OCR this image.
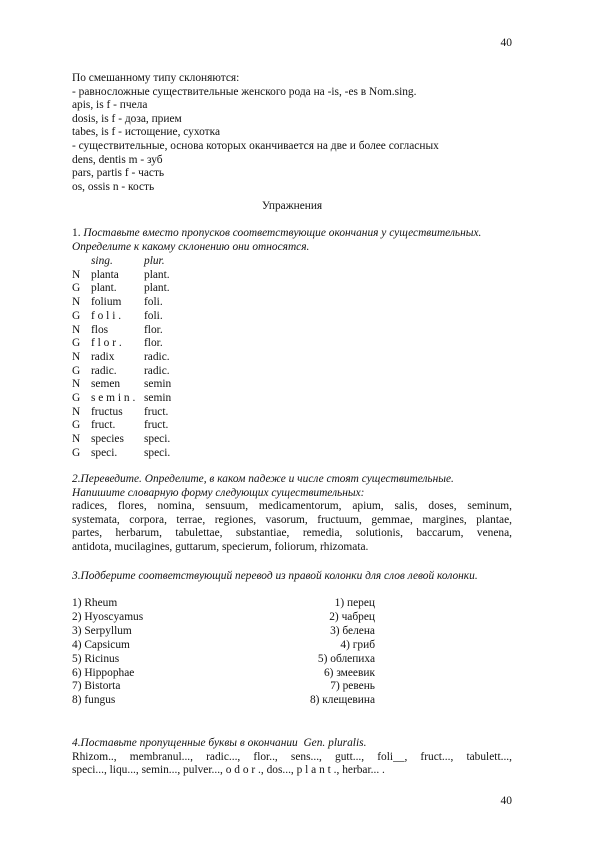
40
По смешанному типу склоняются:
- равносложные существительные женского рода на -is, -es в Nom.sing.
apis, is f - пчела
dosis, is f - доза, прием
tabes, is f - истощение, сухотка
- существительные, основа которых оканчивается на две и более согласных
dens, dentis m - зуб
pars, partis f - часть
os, ossis n - кость
Упражнения
1. Поставьте вместо пропусков соответствующие окончания у существительных.
Определите к какому склонению они относятся.
sing.	plur.
N planta	plant.
G plant.	plant.
N folium	foli.
G f o l i .	foli.
N flos	flor.
G f l o r .	flor.
N radix	radic.
G radic.	radic.
N semen	semin
G s e m i n . semin
N fructus	fruct.
G fruct.	fruct.
N species	speci.
G speci.	speci.
2.Переведите. Определите, в каком падеже и числе стоят существительные.
Напишите словарную форму следующих существительных:
radices, flores, nomina, sensuum, medicamentorum, apium, salis, doses, seminum,
systemata, corpora, terrae, regiones, vasorum, fructuum, gemmae, margines, plantae,
partes, herbarum, tabulettae, substantiae, remedia, solutionis, baccarum, venena,
antidota, mucilagines, guttarum, specierum, foliorum, rhizomata.
3.Подберите соответствующий перевод из правой колонки для слов левой колонки.
1) Rheum	1) перец
2) Hyoscyamus	2) чабрец
3) Serpyllum	3) белена
4) Capsicum	4) гриб
5) Ricinus	5) облепиха
6) Hippophae	6) змеевик
7) Bistorta	7) ревень
8) fungus	8) клещевина
4.Поставьте пропущенные буквы в окончании Gen. pluralis.
Rhizom.., membranul..., radic..., flor.., sens..., gutt..., foli__, fruct..., tabulett...,
speci..., liqu..., semin..., pulver..., o d o r ., dos..., p l a n t ., herbar... .
40
